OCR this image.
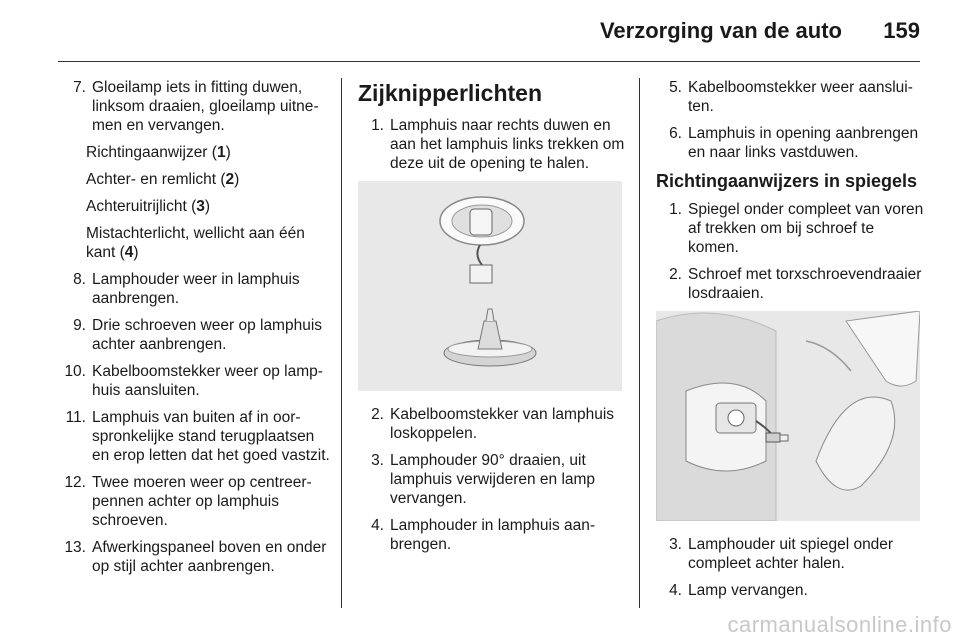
Verzorging van de auto 159
7. Gloeilamp iets in fitting duwen, linksom draaien, gloeilamp uitnemen en vervangen.
Richtingaanwijzer (1)
Achter- en remlicht (2)
Achteruitrijlicht (3)
Mistachterlicht, wellicht aan één kant (4)
8. Lamphouder weer in lamphuis aanbrengen.
9. Drie schroeven weer op lamphuis achter aanbrengen.
10. Kabelboomstekker weer op lamphuis aansluiten.
11. Lamphuis van buiten af in oorspronkelijke stand terugplaatsen en erop letten dat het goed vastzit.
12. Twee moeren weer op centreerpennen achter op lamphuis schroeven.
13. Afwerkingspaneel boven en onder op stijl achter aanbrengen.
Zijknipperlichten
1. Lamphuis naar rechts duwen en aan het lamphuis links trekken om deze uit de opening te halen.
2. Kabelboomstekker van lamphuis loskoppelen.
3. Lamphouder 90° draaien, uit lamphuis verwijderen en lamp vervangen.
4. Lamphouder in lamphuis aanbrengen.
5. Kabelboomstekker weer aansluiten.
6. Lamphuis in opening aanbrengen en naar links vastduwen.
Richtingaanwijzers in spiegels
1. Spiegel onder compleet van voren af trekken om bij schroef te komen.
2. Schroef met torxschroevendraaier losdraaien.
3. Lamphouder uit spiegel onder compleet achter halen.
4. Lamp vervangen.
carmanualsonline.info
